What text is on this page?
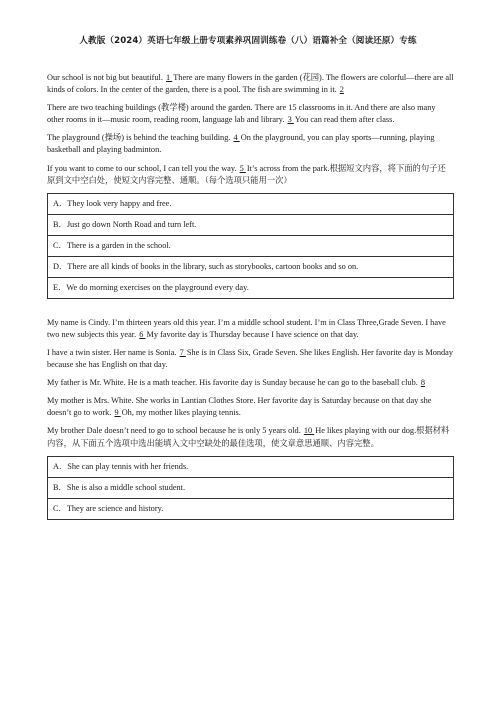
人教版（2024）英语七年级上册专项素养巩固训练卷（八）语篇补全（阅读还原）专练

Our school is not big but beautiful. 1 There are many flowers in the garden (花园). The flowers are colorful—there are all kinds of colors. In the center of the garden, there is a pool. The fish are swimming in it. 2

There are two teaching buildings (教学楼) around the garden. There are 15 classrooms in it. And there are also many other rooms in it—music room, reading room, language lab and library. 3 You can read them after class.

The playground (操场) is behind the teaching building. 4 On the playground, you can play sports—running, playing basketball and playing badminton.

If you want to come to our school, I can tell you the way. 5 It’s across from the park.根据短文内容，将下面的句子还原到文中空白处，使短文内容完整、通顺。（每个选项只能用一次）

A．They look very happy and free.
B．Just go down North Road and turn left.
C．There is a garden in the school.
D．There are all kinds of books in the library, such as storybooks, cartoon books and so on.
E．We do morning exercises on the playground every day.

My name is Cindy. I’m thirteen years old this year. I’m a middle school student. I’m in Class Three,Grade Seven. I have two new subjects this year. 6 My favorite day is Thursday because I have science on that day.

I have a twin sister. Her name is Sonia. 7 She is in Class Six, Grade Seven. She likes English. Her favorite day is Monday because she has English on that day.

My father is Mr. White. He is a math teacher. His favorite day is Sunday because he can go to the baseball club. 8

My mother is Mrs. White. She works in Lantian Clothes Store. Her favorite day is Saturday because on that day she doesn’t go to work. 9 Oh, my mother likes playing tennis.

My brother Dale doesn’t need to go to school because he is only 5 years old. 10 He likes playing with our dog.根据材料内容，从下面五个选项中选出能填入文中空缺处的最佳选项，使文章意思通顺、内容完整。

A．She can play tennis with her friends.
B．She is also a middle school student.
C．They are science and history.
